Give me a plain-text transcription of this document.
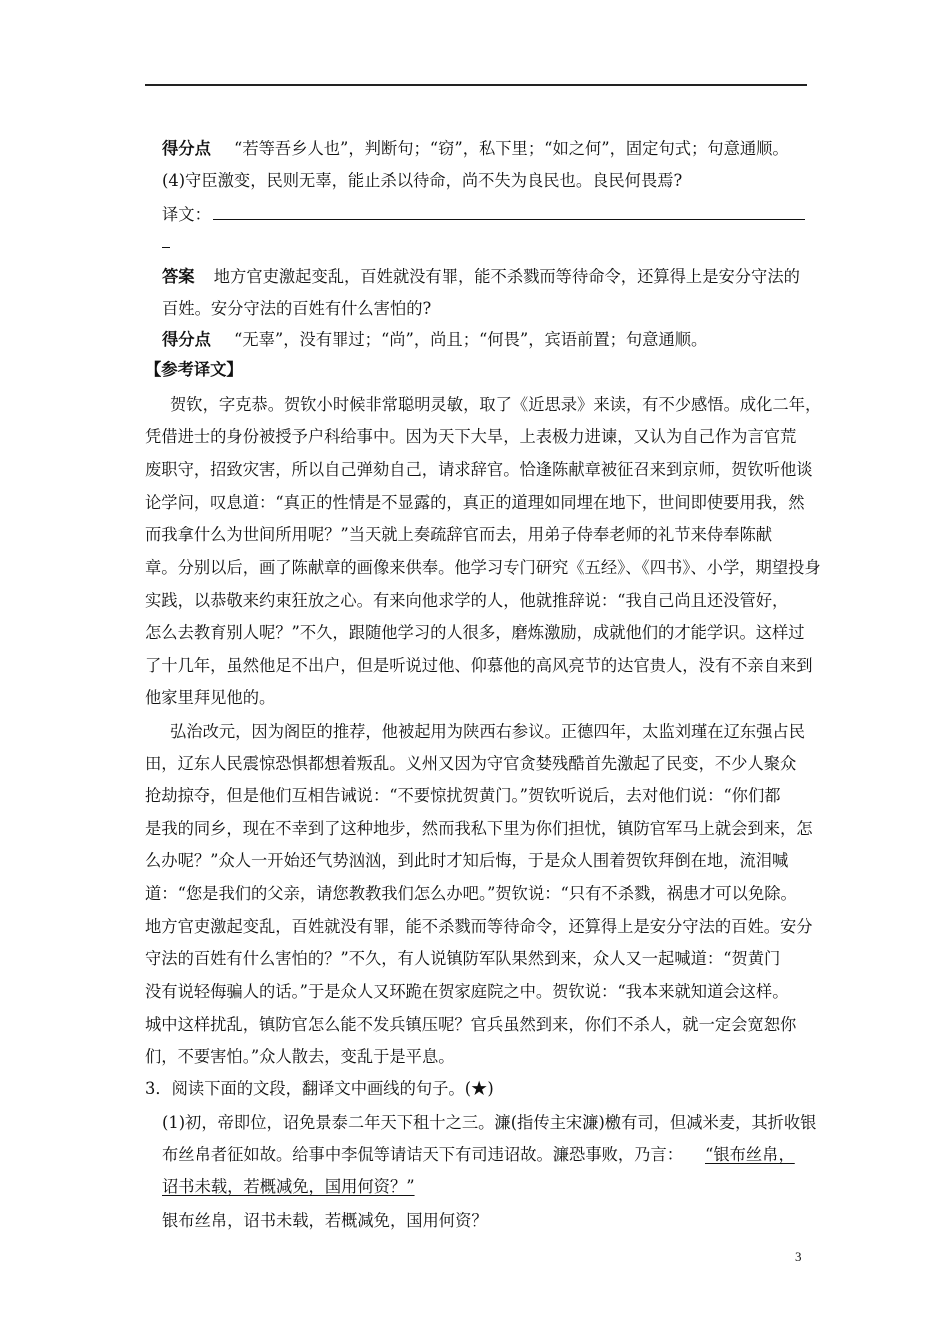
得分点 “若等吾乡人也”，判断句；“窃”，私下里；“如之何”，固定句式；句意通顺。
(4)守臣激变，民则无辜，能止杀以待命，尚不失为良民也。良民何畏焉?
译文：
答案 地方官吏激起变乱，百姓就没有罪，能不杀戮而等待命令，还算得上是安分守法的
百姓。安分守法的百姓有什么害怕的?
得分点 “无辜”，没有罪过；“尚”，尚且；“何畏”，宾语前置；句意通顺。
【参考译文】
贺钦，字克恭。贺钦小时候非常聪明灵敏，取了《近思录》来读，有不少感悟。成化二年，
凭借进士的身份被授予户科给事中。因为天下大旱，上表极力进谏，又认为自己作为言官荒
废职守，招致灾害，所以自己弹劾自己，请求辞官。恰逢陈献章被征召来到京师，贺钦听他谈
论学问，叹息道：“真正的性情是不显露的，真正的道理如同埋在地下，世间即使要用我，然
而我拿什么为世间所用呢？”当天就上奏疏辞官而去，用弟子侍奉老师的礼节来侍奉陈献
章。分别以后，画了陈献章的画像来供奉。他学习专门研究《五经》、《四书》、小学，期望投身
实践，以恭敬来约束狂放之心。有来向他求学的人，他就推辞说：“我自己尚且还没管好，
怎么去教育别人呢？”不久，跟随他学习的人很多，磨炼激励，成就他们的才能学识。这样过
了十几年，虽然他足不出户，但是听说过他、仰慕他的高风亮节的达官贵人，没有不亲自来到
他家里拜见他的。
弘治改元，因为阁臣的推荐，他被起用为陕西右参议。正德四年，太监刘瑾在辽东强占民
田，辽东人民震惊恐惧都想着叛乱。义州又因为守官贪婪残酷首先激起了民变，不少人聚众
抢劫掠夺，但是他们互相告诫说：“不要惊扰贺黄门。”贺钦听说后，去对他们说：“你们都
是我的同乡，现在不幸到了这种地步，然而我私下里为你们担忧，镇防官军马上就会到来，怎
么办呢？”众人一开始还气势汹汹，到此时才知后悔，于是众人围着贺钦拜倒在地，流泪喊
道：“您是我们的父亲，请您教教我们怎么办吧。”贺钦说：“只有不杀戮，祸患才可以免除。
地方官吏激起变乱，百姓就没有罪，能不杀戮而等待命令，还算得上是安分守法的百姓。安分
守法的百姓有什么害怕的？”不久，有人说镇防军队果然到来，众人又一起喊道：“贺黄门
没有说轻侮骗人的话。”于是众人又环跪在贺家庭院之中。贺钦说：“我本来就知道会这样。
城中这样扰乱，镇防官怎么能不发兵镇压呢？官兵虽然到来，你们不杀人，就一定会宽恕你
们，不要害怕。”众人散去，变乱于是平息。
3．阅读下面的文段，翻译文中画线的句子。(★)
(1)初，帝即位，诏免景泰二年天下租十之三。濂(指传主宋濂)檄有司，但减米麦，其折收银
布丝帛者征如故。给事中李侃等请诘天下有司违诏故。濂恐事败，乃言： “银布丝帛，
诏书未载，若概减免，国用何资？”
银布丝帛，诏书未载，若概减免，国用何资？
3
